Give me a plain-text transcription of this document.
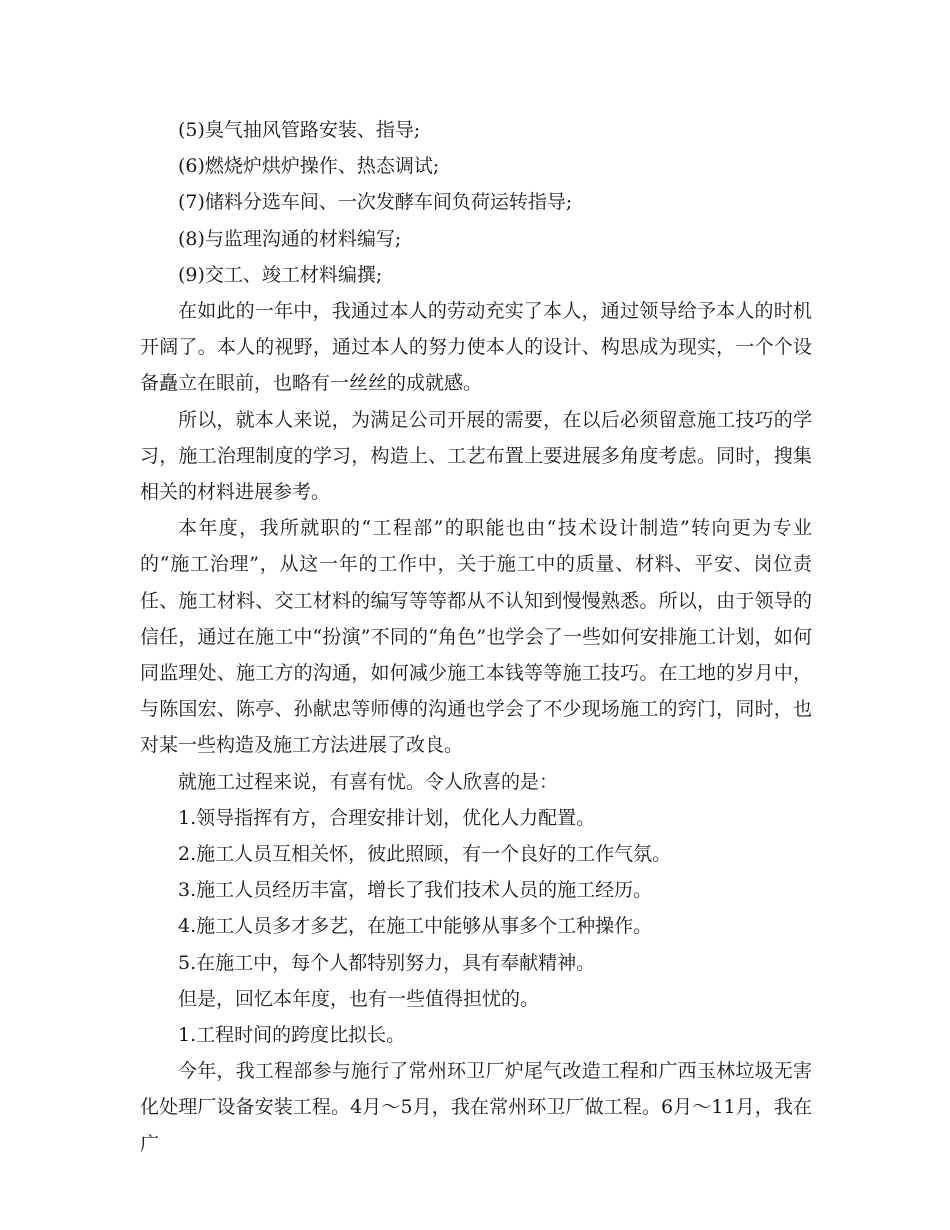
(5)臭气抽风管路安装、指导;

(6)燃烧炉烘炉操作、热态调试;

(7)储料分选车间、一次发酵车间负荷运转指导;

(8)与监理沟通的材料编写;

(9)交工、竣工材料编撰;

在如此的一年中，我通过本人的劳动充实了本人，通过领导给予本人的时机开阔了。本人的视野，通过本人的努力使本人的设计、构思成为现实，一个个设备矗立在眼前，也略有一丝丝的成就感。

所以，就本人来说，为满足公司开展的需要，在以后必须留意施工技巧的学习，施工治理制度的学习，构造上、工艺布置上要进展多角度考虑。同时，搜集相关的材料进展参考。

本年度，我所就职的“工程部”的职能也由“技术设计制造”转向更为专业的“施工治理”，从这一年的工作中，关于施工中的质量、材料、平安、岗位责任、施工材料、交工材料的编写等等都从不认知到慢慢熟悉。所以，由于领导的信任，通过在施工中“扮演”不同的“角色”也学会了一些如何安排施工计划，如何同监理处、施工方的沟通，如何减少施工本钱等等施工技巧。在工地的岁月中，与陈国宏、陈亭、孙献忠等师傅的沟通也学会了不少现场施工的窍门，同时，也对某一些构造及施工方法进展了改良。

就施工过程来说，有喜有忧。令人欣喜的是：

1.领导指挥有方，合理安排计划，优化人力配置。

2.施工人员互相关怀，彼此照顾，有一个良好的工作气氛。

3.施工人员经历丰富，增长了我们技术人员的施工经历。

4.施工人员多才多艺，在施工中能够从事多个工种操作。

5.在施工中，每个人都特别努力，具有奉献精神。

但是，回忆本年度，也有一些值得担忧的。

1.工程时间的跨度比拟长。

今年，我工程部参与施行了常州环卫厂炉尾气改造工程和广西玉林垃圾无害化处理厂设备安装工程。4月～5月，我在常州环卫厂做工程。6月～11月，我在广
